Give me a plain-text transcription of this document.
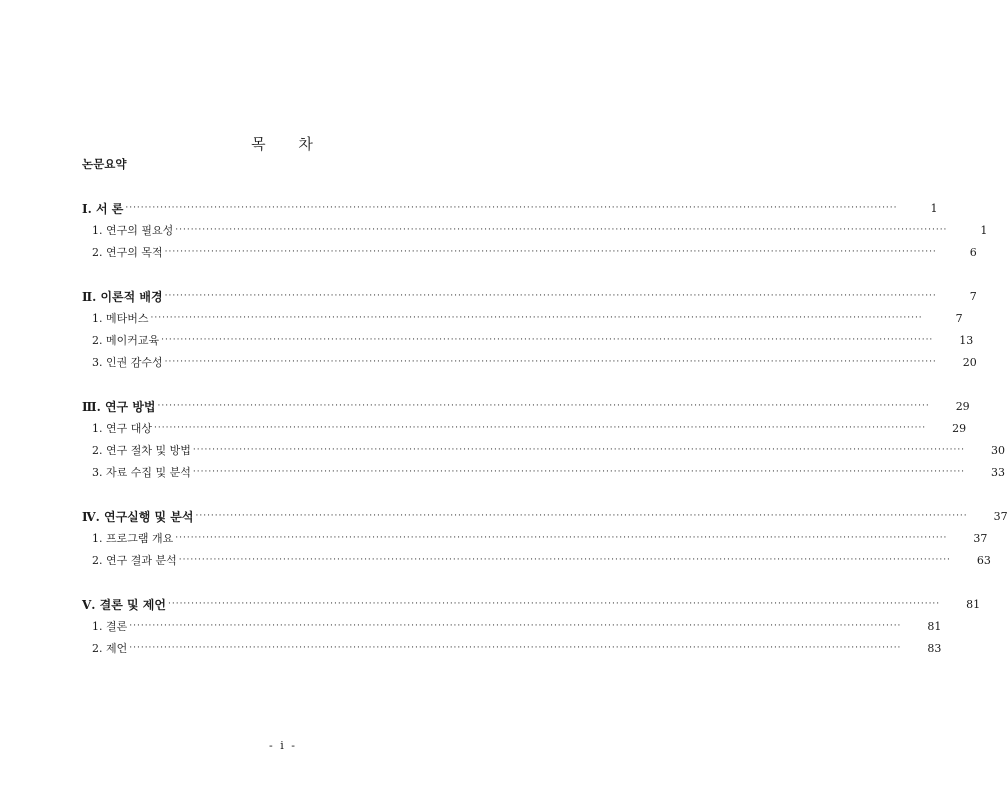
목 차
논문요약
Ⅰ. 서 론 ········································································································································································································	1
1. 연구의 필요성 ········································································································································································································	1
2. 연구의 목적 ········································································································································································································	6
Ⅱ. 이론적 배경 ········································································································································································································	7
1. 메타버스 ········································································································································································································	7
2. 메이커교육 ········································································································································································································	13
3. 인권 감수성 ········································································································································································································	20
Ⅲ. 연구 방법 ········································································································································································································	29
1. 연구 대상 ········································································································································································································	29
2. 연구 절차 및 방법 ········································································································································································································	30
3. 자료 수집 및 분석 ········································································································································································································	33
Ⅳ. 연구실행 및 분석 ········································································································································································································	37
1. 프로그램 개요 ········································································································································································································	37
2. 연구 결과 분석 ········································································································································································································	63
Ⅴ. 결론 및 제언 ········································································································································································································	81
1. 결론 ········································································································································································································	81
2. 제언 ········································································································································································································	83
- i -
